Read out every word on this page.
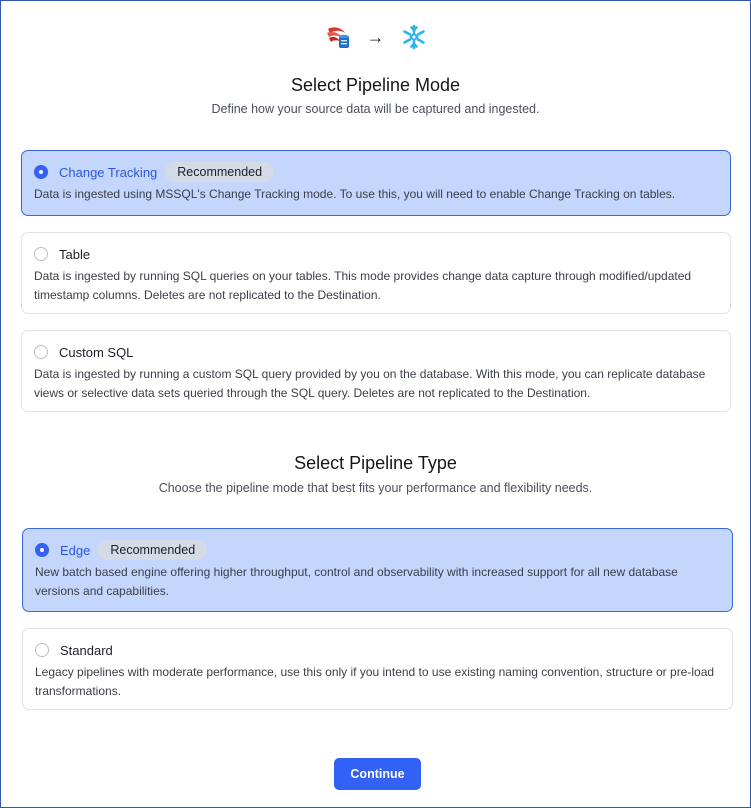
→
Select Pipeline Mode

Define how your source data will be captured and ingested.

Change Tracking	Recommended
Data is ingested using MSSQL's Change Tracking mode. To use this, you will need to enable Change Tracking on tables.
Table
Data is ingested by running SQL queries on your tables. This mode provides change data capture through modified/updated timestamp columns. Deletes are not replicated to the Destination.
Custom SQL
Data is ingested by running a custom SQL query provided by you on the database. With this mode, you can replicate database views or selective data sets queried through the SQL query. Deletes are not replicated to the Destination.
Select Pipeline Type

Choose the pipeline mode that best fits your performance and flexibility needs.

Edge	Recommended
New batch based engine offering higher throughput, control and observability with increased support for all new database versions and capabilities.
Standard
Legacy pipelines with moderate performance, use this only if you intend to use existing naming convention, structure or pre-load transformations.
Continue
